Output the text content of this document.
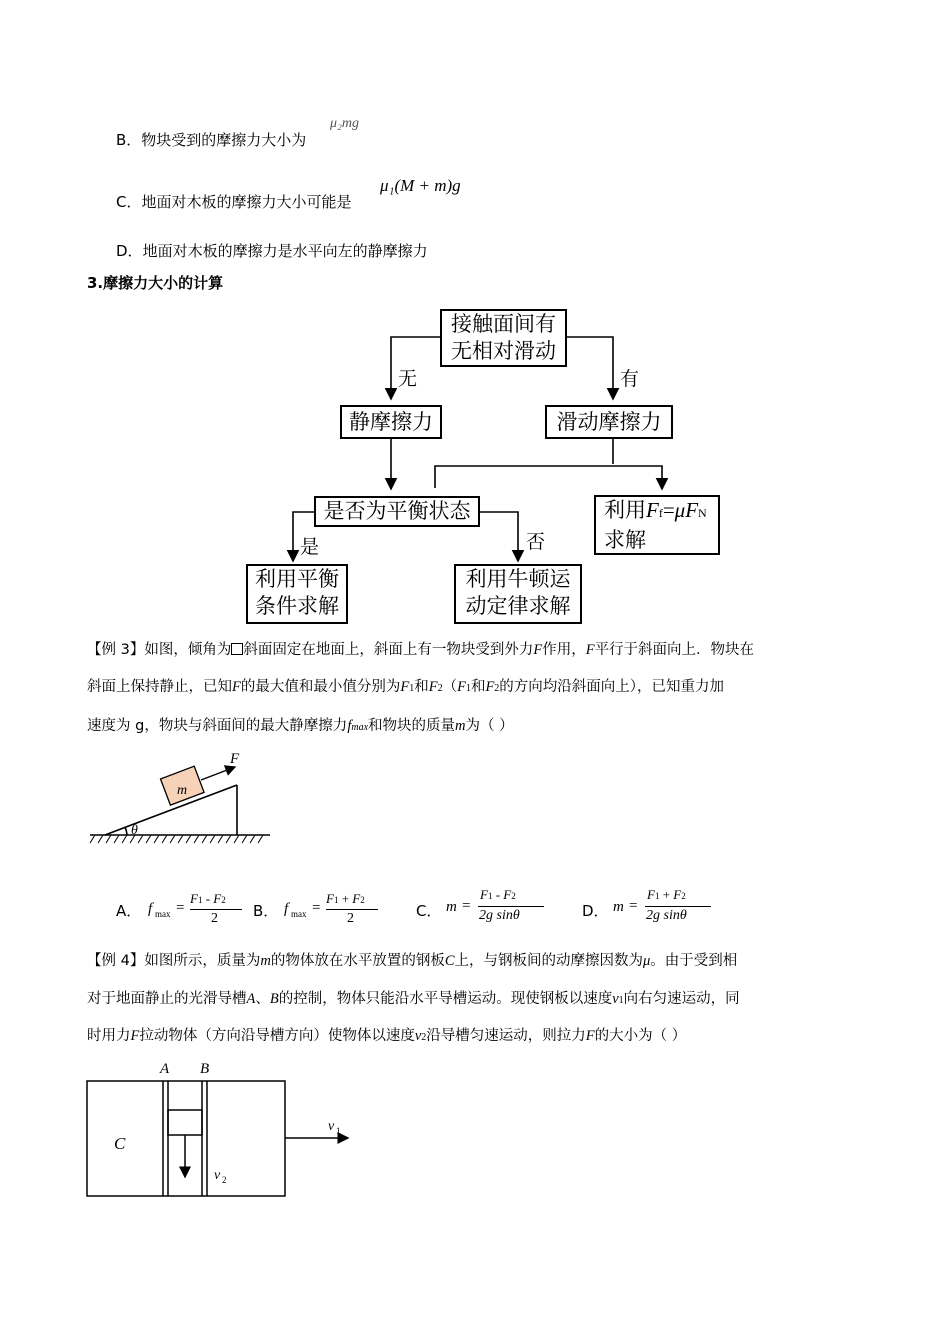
B．物块受到的摩擦力大小为
μ₂mg
C．地面对木板的摩擦力大小可能是
μ₁(M + m)g
D．地面对木板的摩擦力是水平向左的静摩擦力
3.摩擦力大小的计算
接触面间有
无相对滑动
无	有
静摩擦力	滑动摩擦力
是否为平衡状态
是	否
利用Ff=μFN
求解
利用平衡
条件求解
利用牛顿运
动定律求解
【例 3】如图，倾角为 斜面固定在地面上，斜面上有一物块受到外力F作用，F平行于斜面向上．物块在
斜面上保持静止，已知F的最大值和最小值分别为F1和F2（F1和F2的方向均沿斜面向上），已知重力加
速度为 g，物块与斜面间的最大静摩擦力fmax和物块的质量m为（ ）
m
F
θ
A． f max =
F1 - F2
2 B． f max =
F1 + F2
2	C． m =
F1 - F2
2g sinθ	D． m =
F1 + F2
2g sinθ
【例 4】如图所示，质量为m的物体放在水平放置的钢板C上，与钢板间的动摩擦因数为μ。由于受到相
对于地面静止的光滑导槽A、B的控制，物体只能沿水平导槽运动。现使钢板以速度v1向右匀速运动，同
时用力F拉动物体（方向沿导槽方向）使物体以速度v2沿导槽匀速运动，则拉力F的大小为（ ）
A B
C
v 1
v 2
